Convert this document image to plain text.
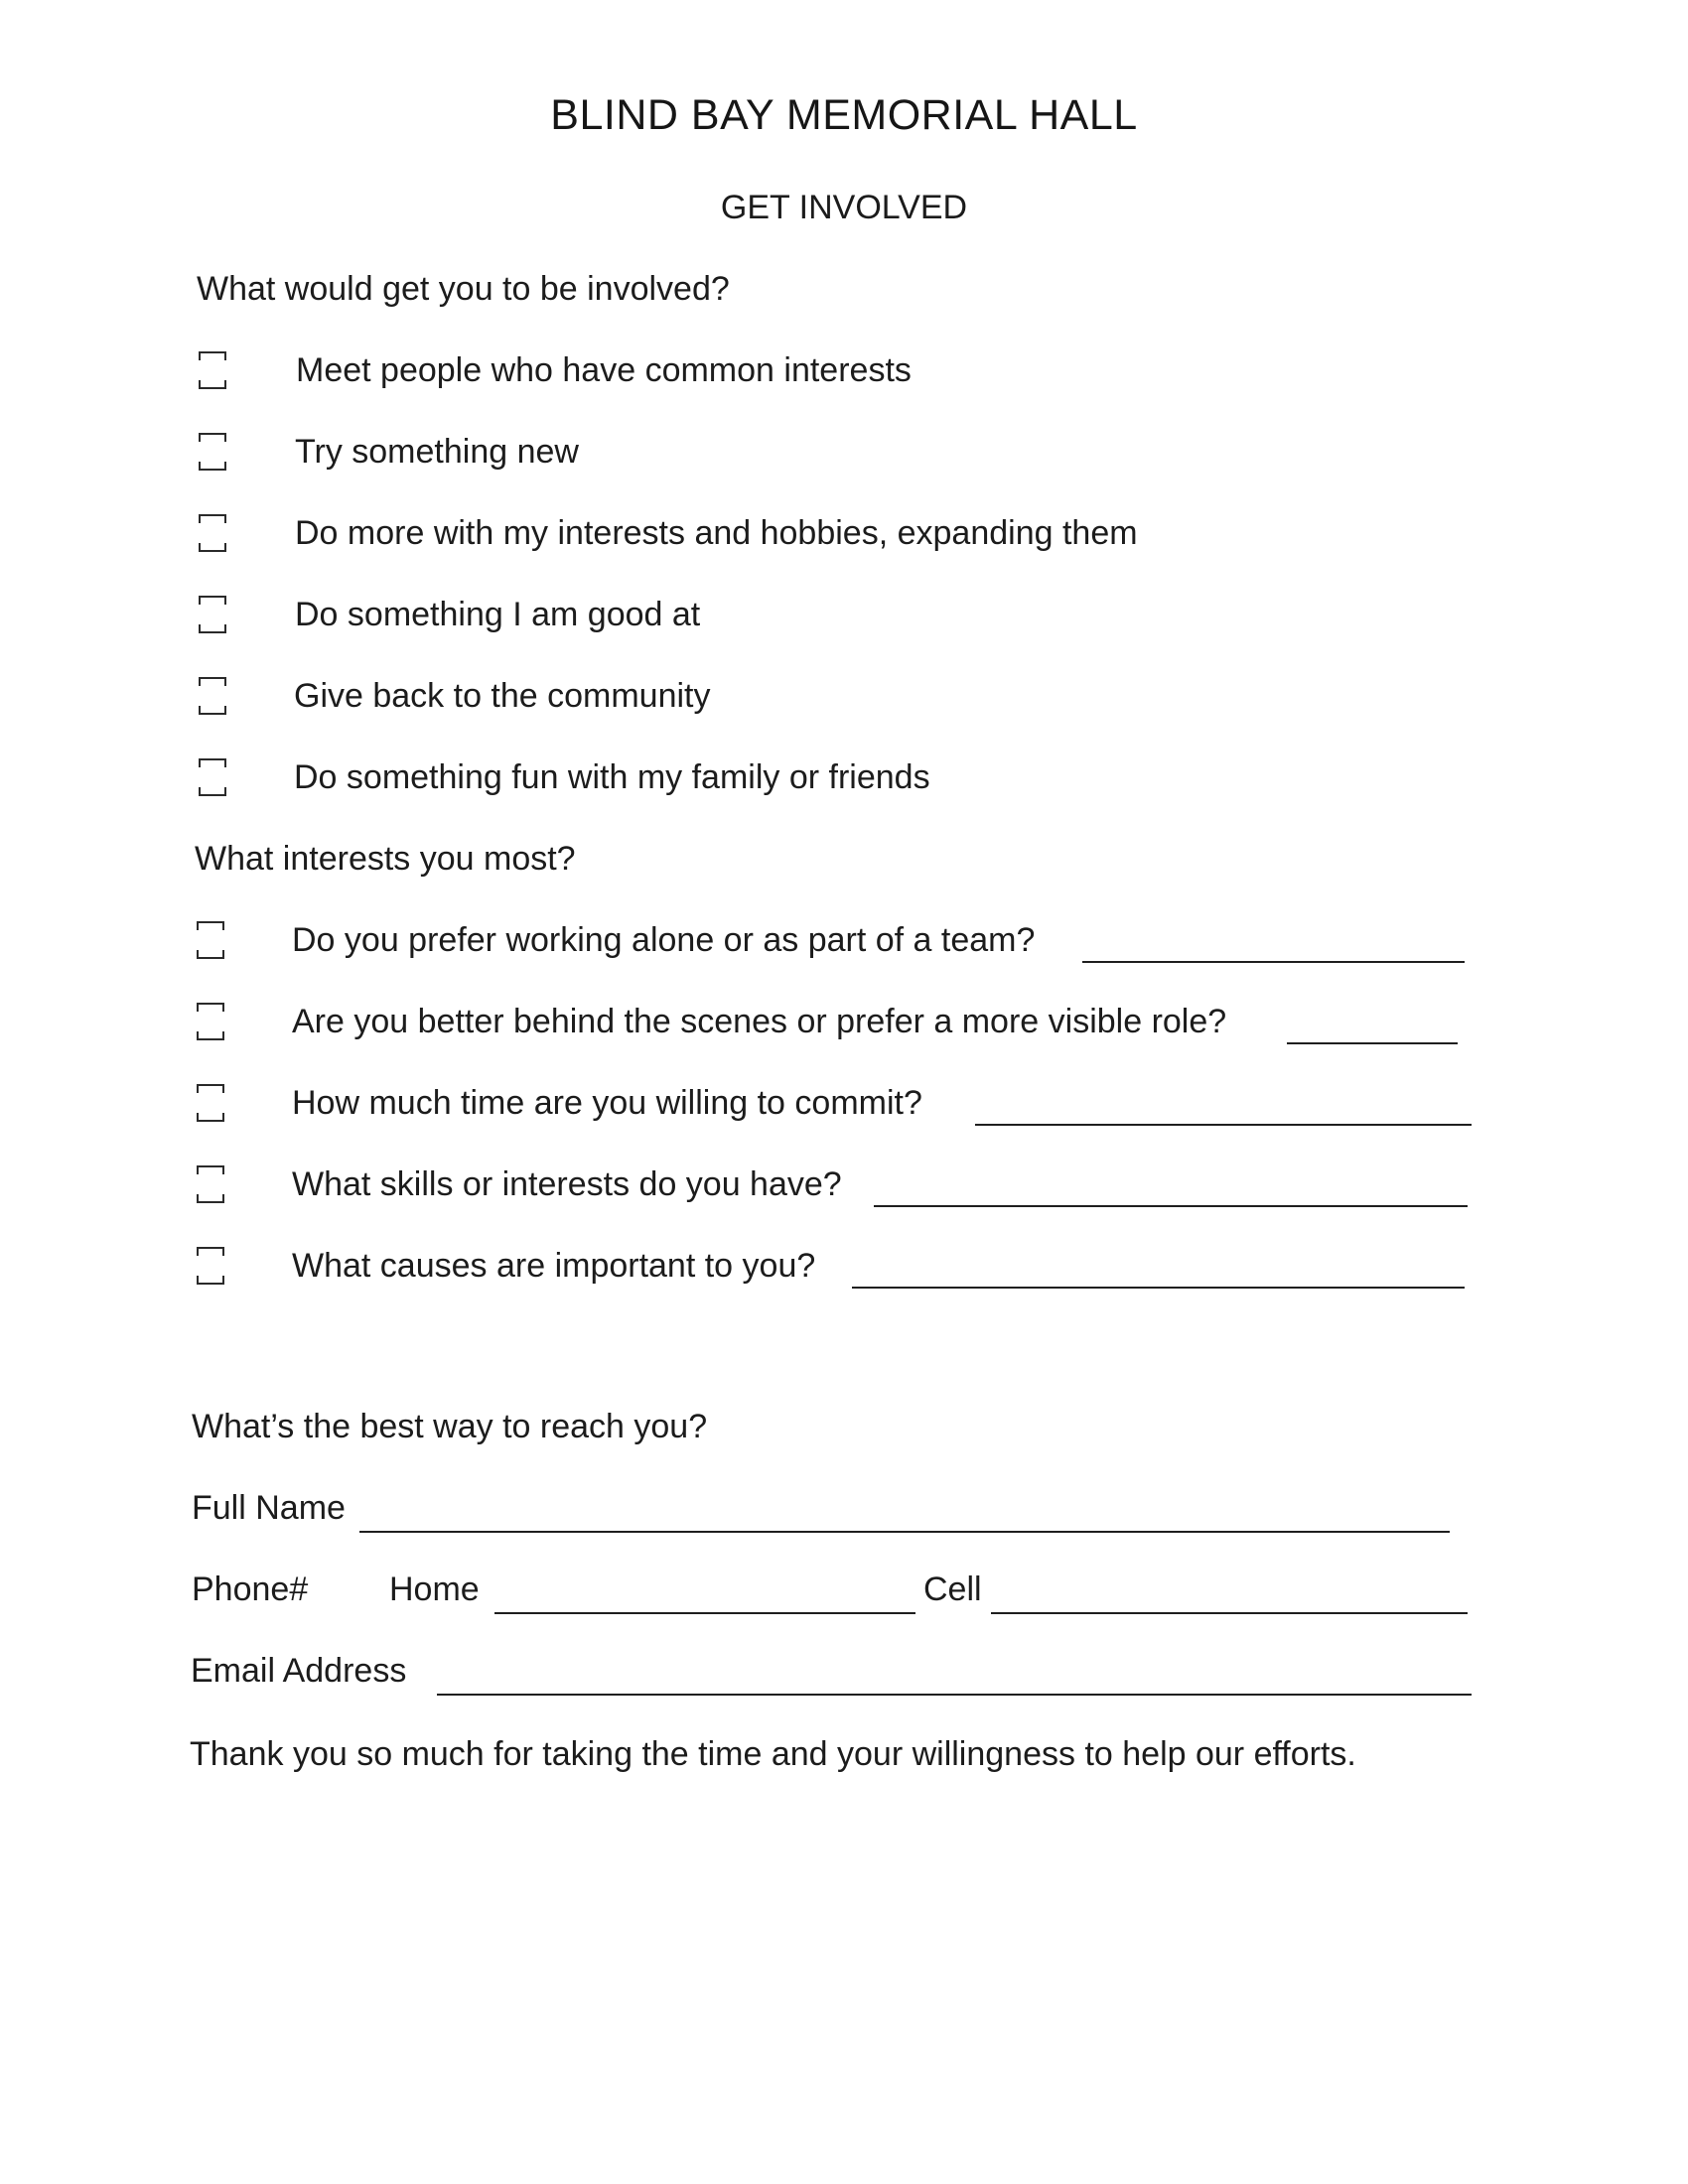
BLIND BAY MEMORIAL HALL
GET INVOLVED
What would get you to be involved?
Meet people who have common interests
Try something new
Do more with my interests and hobbies, expanding them
Do something I am good at
Give back to the community
Do something fun with my family or friends
What interests you most?
Do you prefer working alone or as part of a team?
Are you better behind the scenes or prefer a more visible role?
How much time are you willing to commit?
What skills or interests do you have?
What causes are important to you?
What’s the best way to reach you?
Full Name
Phone# Home	Cell
Email Address
Thank you so much for taking the time and your willingness to help our efforts.
